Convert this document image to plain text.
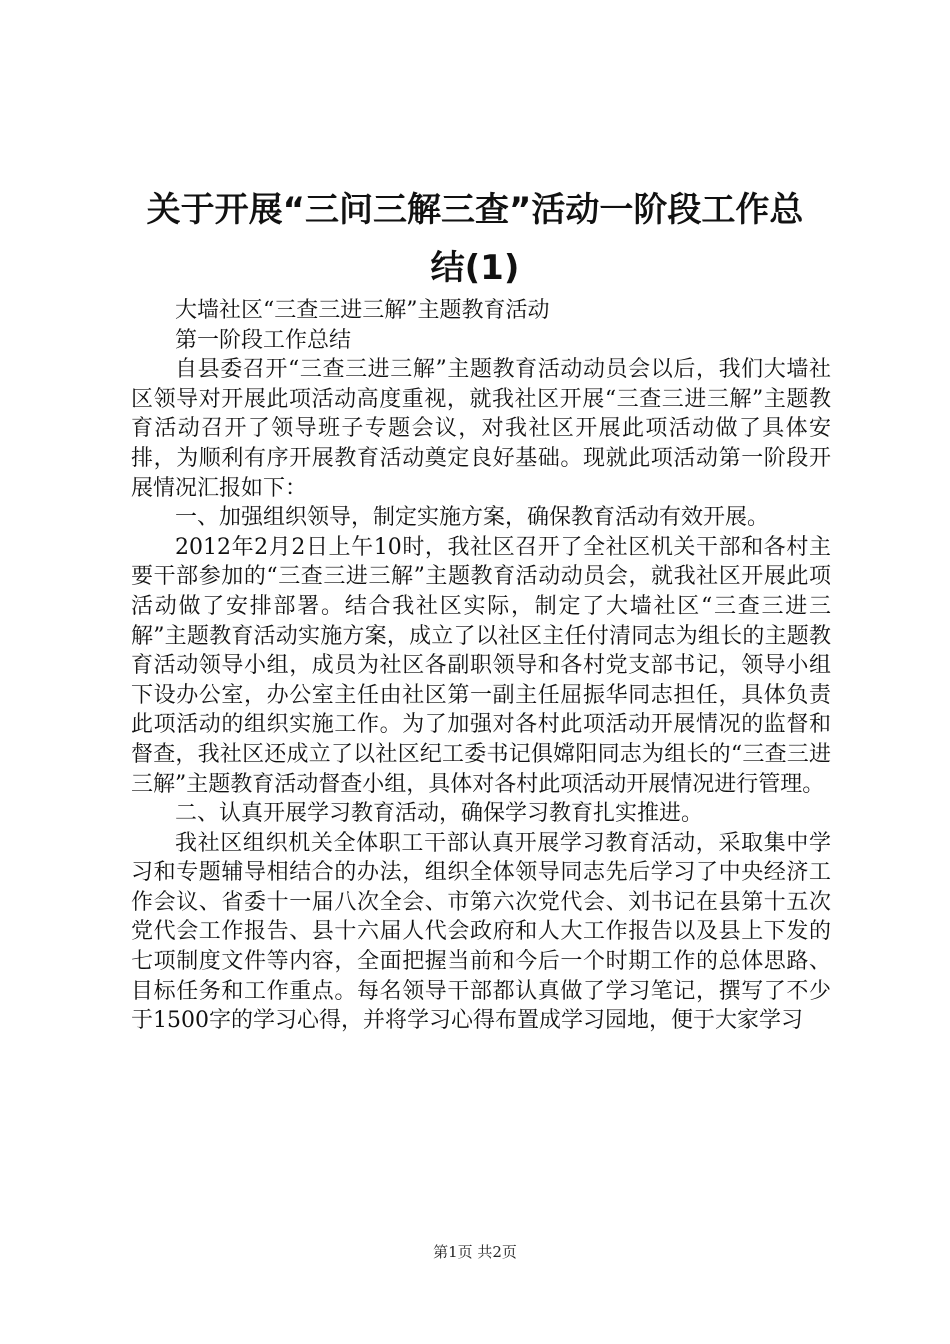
关于开展“三问三解三查”活动一阶段工作总
结(1)

大墙社区“三查三进三解”主题教育活动

第一阶段工作总结

自县委召开“三查三进三解”主题教育活动动员会以后，我们大墙社区领导对开展此项活动高度重视，就我社区开展“三查三进三解”主题教育活动召开了领导班子专题会议，对我社区开展此项活动做了具体安排，为顺利有序开展教育活动奠定良好基础。现就此项活动第一阶段开展情况汇报如下：

一、加强组织领导，制定实施方案，确保教育活动有效开展。

2012年2月2日上午10时，我社区召开了全社区机关干部和各村主要干部参加的“三查三进三解”主题教育活动动员会，就我社区开展此项活动做了安排部署。结合我社区实际，制定了大墙社区“三查三进三解”主题教育活动实施方案，成立了以社区主任付清同志为组长的主题教育活动领导小组，成员为社区各副职领导和各村党支部书记，领导小组下设办公室，办公室主任由社区第一副主任屈振华同志担任，具体负责此项活动的组织实施工作。为了加强对各村此项活动开展情况的监督和督查，我社区还成立了以社区纪工委书记俱嫦阳同志为组长的“三查三进三解”主题教育活动督查小组，具体对各村此项活动开展情况进行管理。

二、认真开展学习教育活动，确保学习教育扎实推进。

我社区组织机关全体职工干部认真开展学习教育活动，采取集中学习和专题辅导相结合的办法，组织全体领导同志先后学习了中央经济工作会议、省委十一届八次全会、市第六次党代会、刘书记在县第十五次党代会工作报告、县十六届人代会政府和人大工作报告以及县上下发的七项制度文件等内容，全面把握当前和今后一个时期工作的总体思路、目标任务和工作重点。每名领导干部都认真做了学习笔记，撰写了不少于1500字的学习心得，并将学习心得布置成学习园地，便于大家学习

第1页 共2页
